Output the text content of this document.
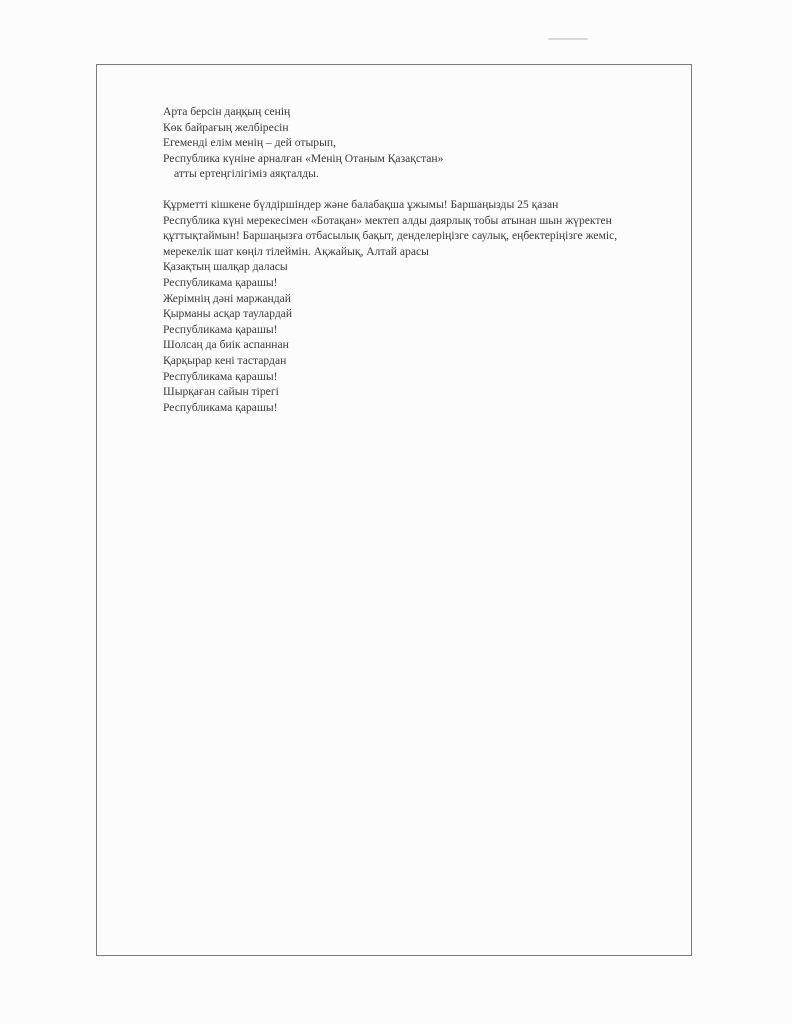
Арта берсін даңқың сенің
Көк байрағың желбіресін
Егемендi елім менің – дей отырып,
Республика күніне арналған «Менің Отаным Қазақстан»
атты ертеңгілігіміз аяқталды.
Құрметті кішкене бүлдіршіндер және балабақша ұжымы! Баршаңызды 25 қазан
Республика күні мерекесімен «Ботақан» мектеп алды даярлық тобы атынан шын жүректен
құттықтаймын! Баршаңызға отбасылық бақыт, денделеріңізге саулық, еңбектеріңізге жеміс,
мерекелік шат көңіл тілеймін. Ақжайық, Алтай арасы
Қазақтың шалқар даласы
Республикама қарашы!
Жерімнің дәні маржандай
Қырманы асқар таулардай
Республикама қарашы!
Шолсаң да биік аспаннан
Қарқырар кені тастардан
Республикама қарашы!
Шырқаған сайын тірегі
Республикама қарашы!
